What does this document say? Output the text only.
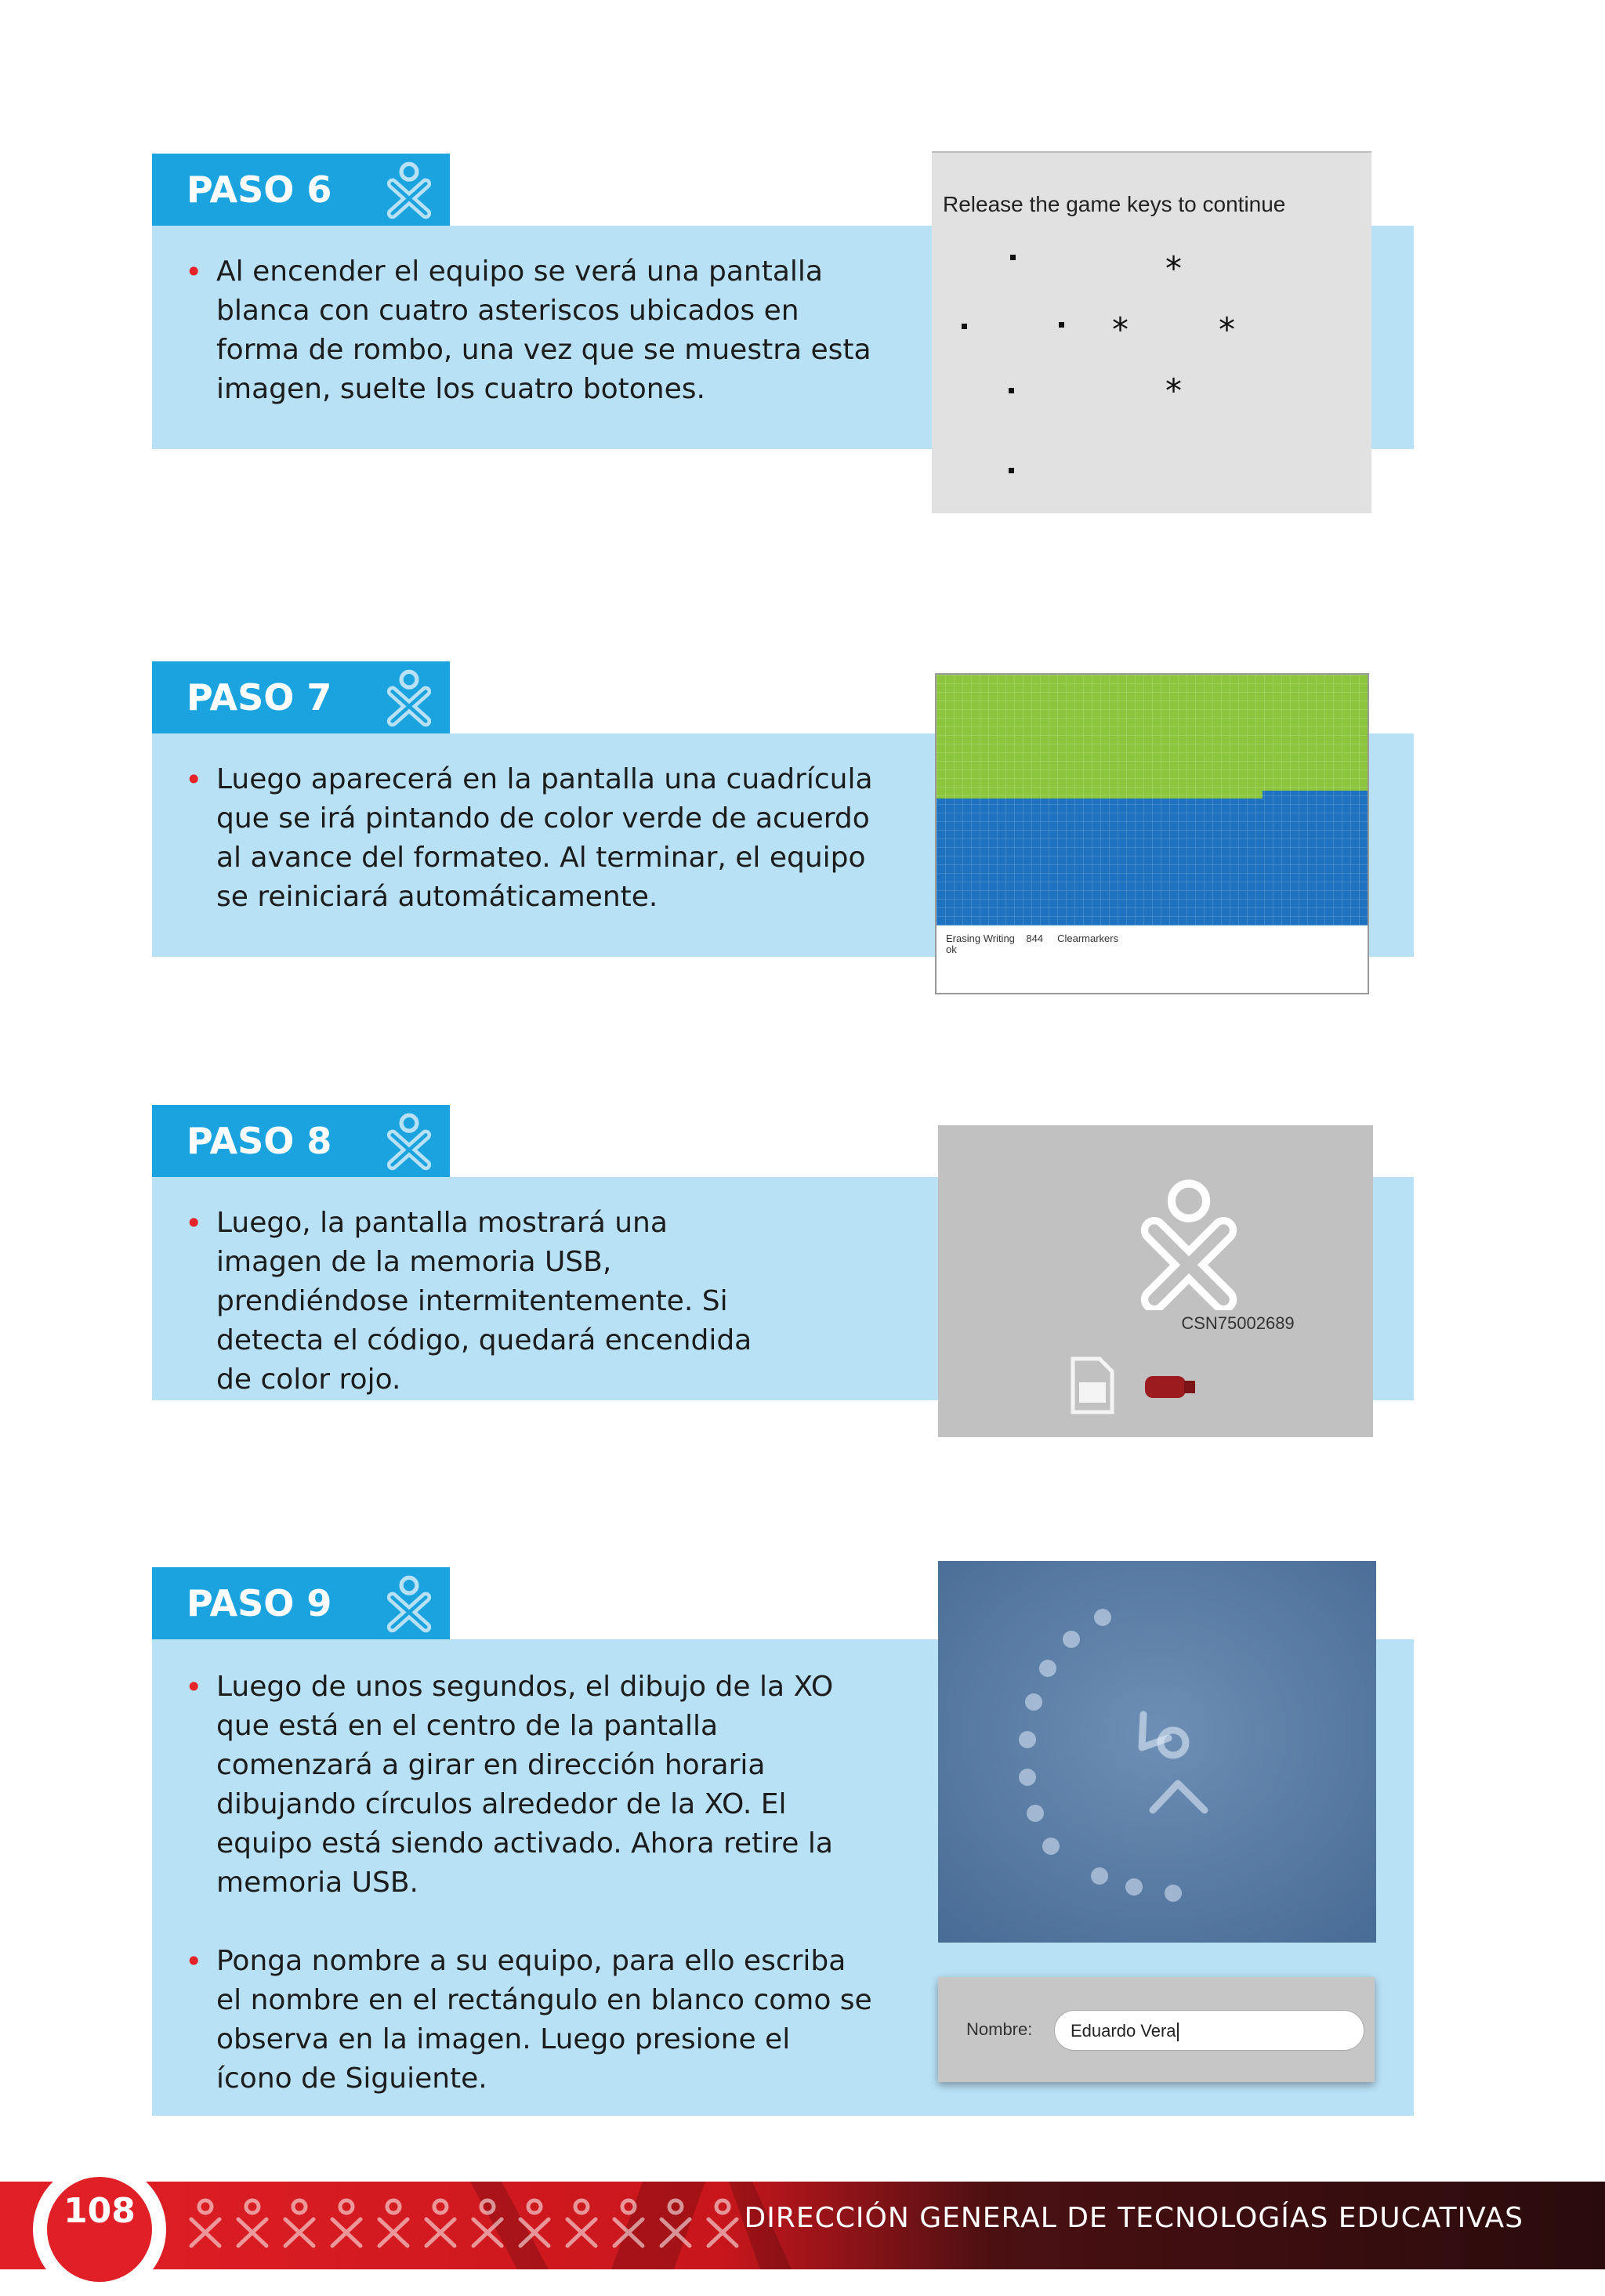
PASO 6

• Al encender el equipo se verá una pantalla blanca con cuatro asteriscos ubicados en forma de rombo, una vez que se muestra esta imagen, suelte los cuatro botones.

Release the game keys to continue
*
*	*
*
PASO 7

• Luego aparecerá en la pantalla una cuadrícula que se irá pintando de color verde de acuerdo al avance del formateo. Al terminar, el equipo se reiniciará automáticamente.

Erasing Writing    844     Clearmarkers
ok
PASO 8

• Luego, la pantalla mostrará una imagen de la memoria USB, prendiéndose intermitentemente. Si detecta el código, quedará encendida de color rojo.

CSN75002689
PASO 9

• Luego de unos segundos, el dibujo de la XO que está en el centro de la pantalla comenzará a girar en dirección horaria dibujando círculos alrededor de la XO. El equipo está siendo activado. Ahora retire la memoria USB.

• Ponga nombre a su equipo, para ello escriba el nombre en el rectángulo en blanco como se observa en la imagen. Luego presione el ícono de Siguiente.

Nombre:	Eduardo Vera
108	DIRECCIÓN GENERAL DE TECNOLOGÍAS EDUCATIVAS
